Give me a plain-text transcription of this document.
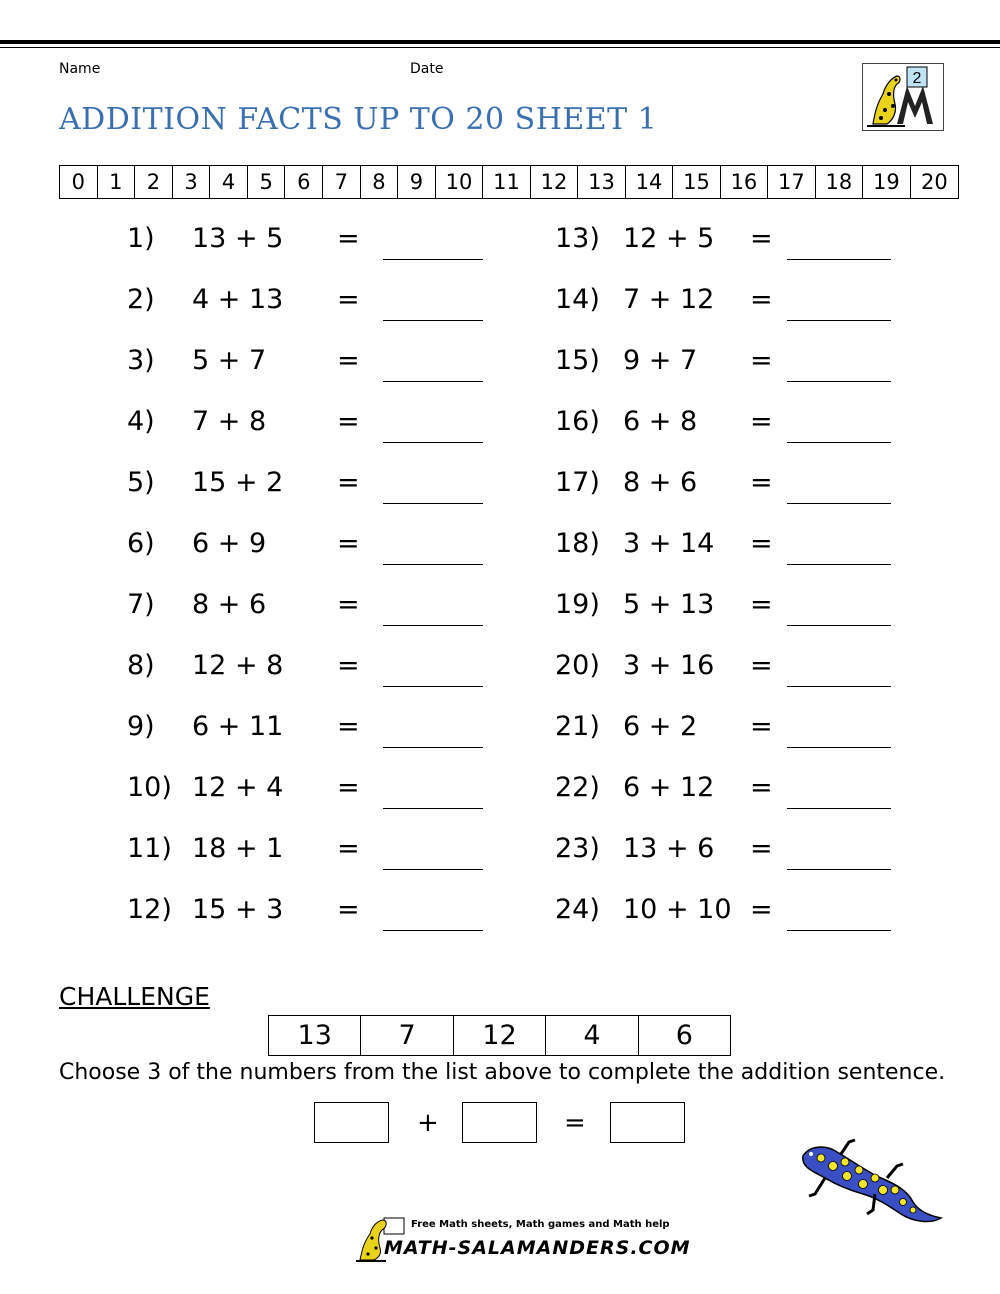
Name	Date
ADDITION FACTS UP TO 20 SHEET 1
2
0	1	2	3	4	5	6	7	8	9	10 11 12 13 14 15 16 17 18 19	20
1) 13 + 5 =
2) 4 + 13 =
3) 5 + 7	=
4) 7 + 8	=
5) 15 + 2 =
6) 6 + 9	=
7) 8 + 6	=
8) 12 + 8 =
9) 6 + 11 =
10) 12 + 4 =
11) 18 + 1 =
12) 15 + 3 =
13) 12 + 5 =
14) 7 + 12 =
15) 9 + 7 =
16) 6 + 8 =
17) 8 + 6 =
18) 3 + 14 =
19) 5 + 13 =
20) 3 + 16 =
21) 6 + 2 =
22) 6 + 12 =
23) 13 + 6 =
24) 10 + 10 =
CHALLENGE
13	7	12	4	6
Choose 3 of the numbers from the list above to complete the addition sentence.
+	=
Free Math sheets, Math games and Math help
MATH-SALAMANDERS.COM
